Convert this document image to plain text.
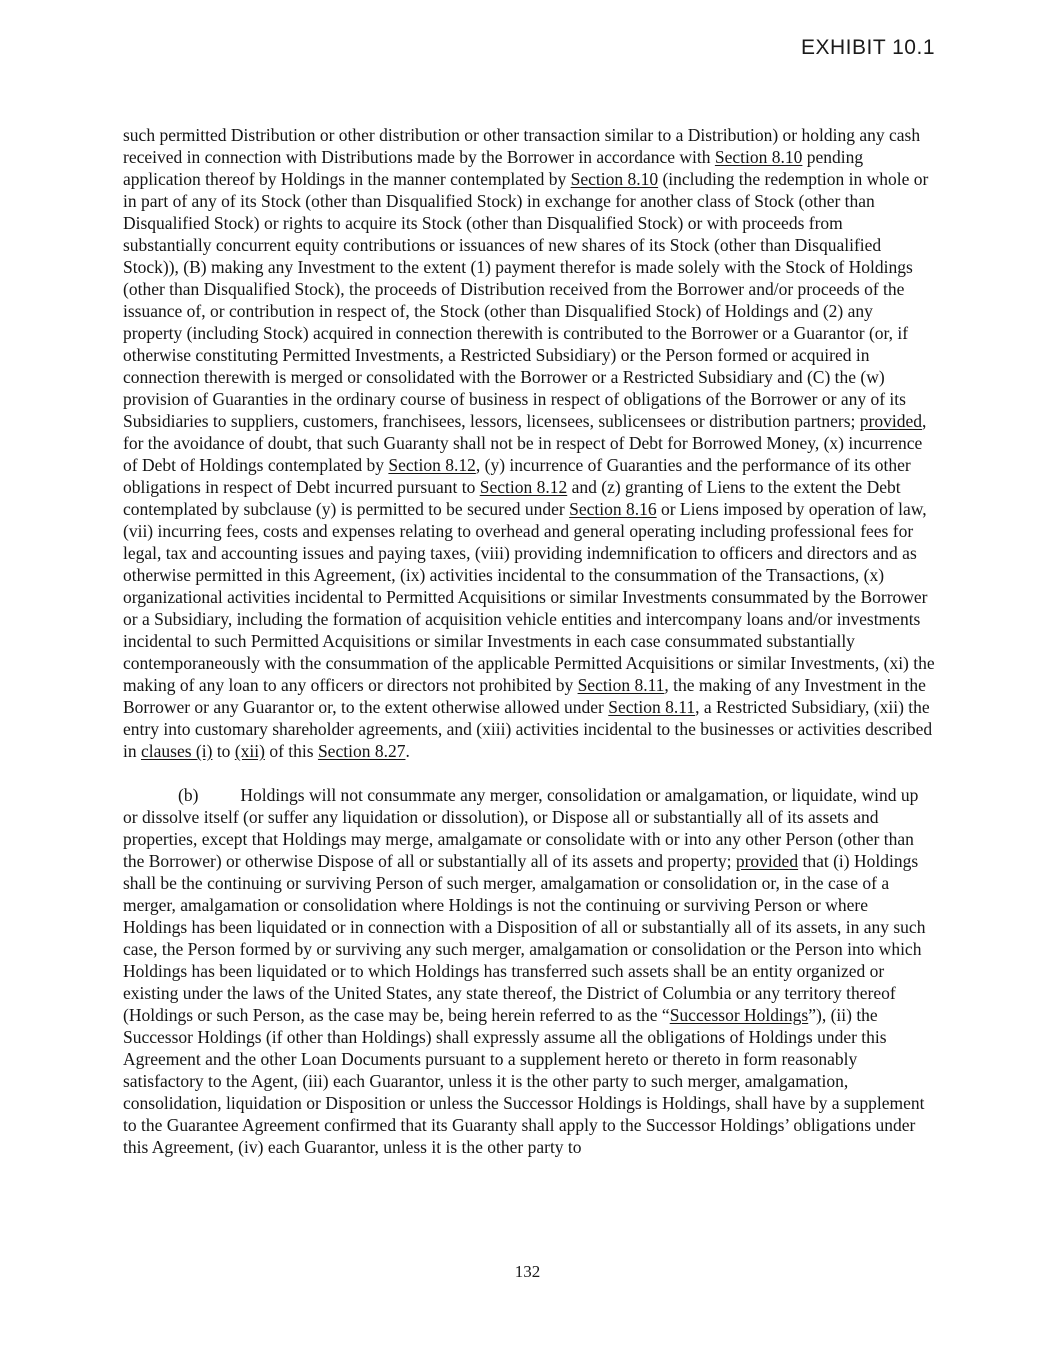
EXHIBIT 10.1

such permitted Distribution or other distribution or other transaction similar to a Distribution) or holding any cash received in connection with Distributions made by the Borrower in accordance with Section 8.10 pending application thereof by Holdings in the manner contemplated by Section 8.10 (including the redemption in whole or in part of any of its Stock (other than Disqualified Stock) in exchange for another class of Stock (other than Disqualified Stock) or rights to acquire its Stock (other than Disqualified Stock) or with proceeds from substantially concurrent equity contributions or issuances of new shares of its Stock (other than Disqualified Stock)), (B) making any Investment to the extent (1) payment therefor is made solely with the Stock of Holdings (other than Disqualified Stock), the proceeds of Distribution received from the Borrower and/or proceeds of the issuance of, or contribution in respect of, the Stock (other than Disqualified Stock) of Holdings and (2) any property (including Stock) acquired in connection therewith is contributed to the Borrower or a Guarantor (or, if otherwise constituting Permitted Investments, a Restricted Subsidiary) or the Person formed or acquired in connection therewith is merged or consolidated with the Borrower or a Restricted Subsidiary and (C) the (w) provision of Guaranties in the ordinary course of business in respect of obligations of the Borrower or any of its Subsidiaries to suppliers, customers, franchisees, lessors, licensees, sublicensees or distribution partners; provided, for the avoidance of doubt, that such Guaranty shall not be in respect of Debt for Borrowed Money, (x) incurrence of Debt of Holdings contemplated by Section 8.12, (y) incurrence of Guaranties and the performance of its other obligations in respect of Debt incurred pursuant to Section 8.12 and (z) granting of Liens to the extent the Debt contemplated by subclause (y) is permitted to be secured under Section 8.16 or Liens imposed by operation of law, (vii) incurring fees, costs and expenses relating to overhead and general operating including professional fees for legal, tax and accounting issues and paying taxes, (viii) providing indemnification to officers and directors and as otherwise permitted in this Agreement, (ix) activities incidental to the consummation of the Transactions, (x) organizational activities incidental to Permitted Acquisitions or similar Investments consummated by the Borrower or a Subsidiary, including the formation of acquisition vehicle entities and intercompany loans and/or investments incidental to such Permitted Acquisitions or similar Investments in each case consummated substantially contemporaneously with the consummation of the applicable Permitted Acquisitions or similar Investments, (xi) the making of any loan to any officers or directors not prohibited by Section 8.11, the making of any Investment in the Borrower or any Guarantor or, to the extent otherwise allowed under Section 8.11, a Restricted Subsidiary, (xii) the entry into customary shareholder agreements, and (xiii) activities incidental to the businesses or activities described in clauses (i) to (xii) of this Section 8.27.

(b) Holdings will not consummate any merger, consolidation or amalgamation, or liquidate, wind up or dissolve itself (or suffer any liquidation or dissolution), or Dispose all or substantially all of its assets and properties, except that Holdings may merge, amalgamate or consolidate with or into any other Person (other than the Borrower) or otherwise Dispose of all or substantially all of its assets and property; provided that (i) Holdings shall be the continuing or surviving Person of such merger, amalgamation or consolidation or, in the case of a merger, amalgamation or consolidation where Holdings is not the continuing or surviving Person or where Holdings has been liquidated or in connection with a Disposition of all or substantially all of its assets, in any such case, the Person formed by or surviving any such merger, amalgamation or consolidation or the Person into which Holdings has been liquidated or to which Holdings has transferred such assets shall be an entity organized or existing under the laws of the United States, any state thereof, the District of Columbia or any territory thereof (Holdings or such Person, as the case may be, being herein referred to as the “Successor Holdings”), (ii) the Successor Holdings (if other than Holdings) shall expressly assume all the obligations of Holdings under this Agreement and the other Loan Documents pursuant to a supplement hereto or thereto in form reasonably satisfactory to the Agent, (iii) each Guarantor, unless it is the other party to such merger, amalgamation, consolidation, liquidation or Disposition or unless the Successor Holdings is Holdings, shall have by a supplement to the Guarantee Agreement confirmed that its Guaranty shall apply to the Successor Holdings’ obligations under this Agreement, (iv) each Guarantor, unless it is the other party to

132
